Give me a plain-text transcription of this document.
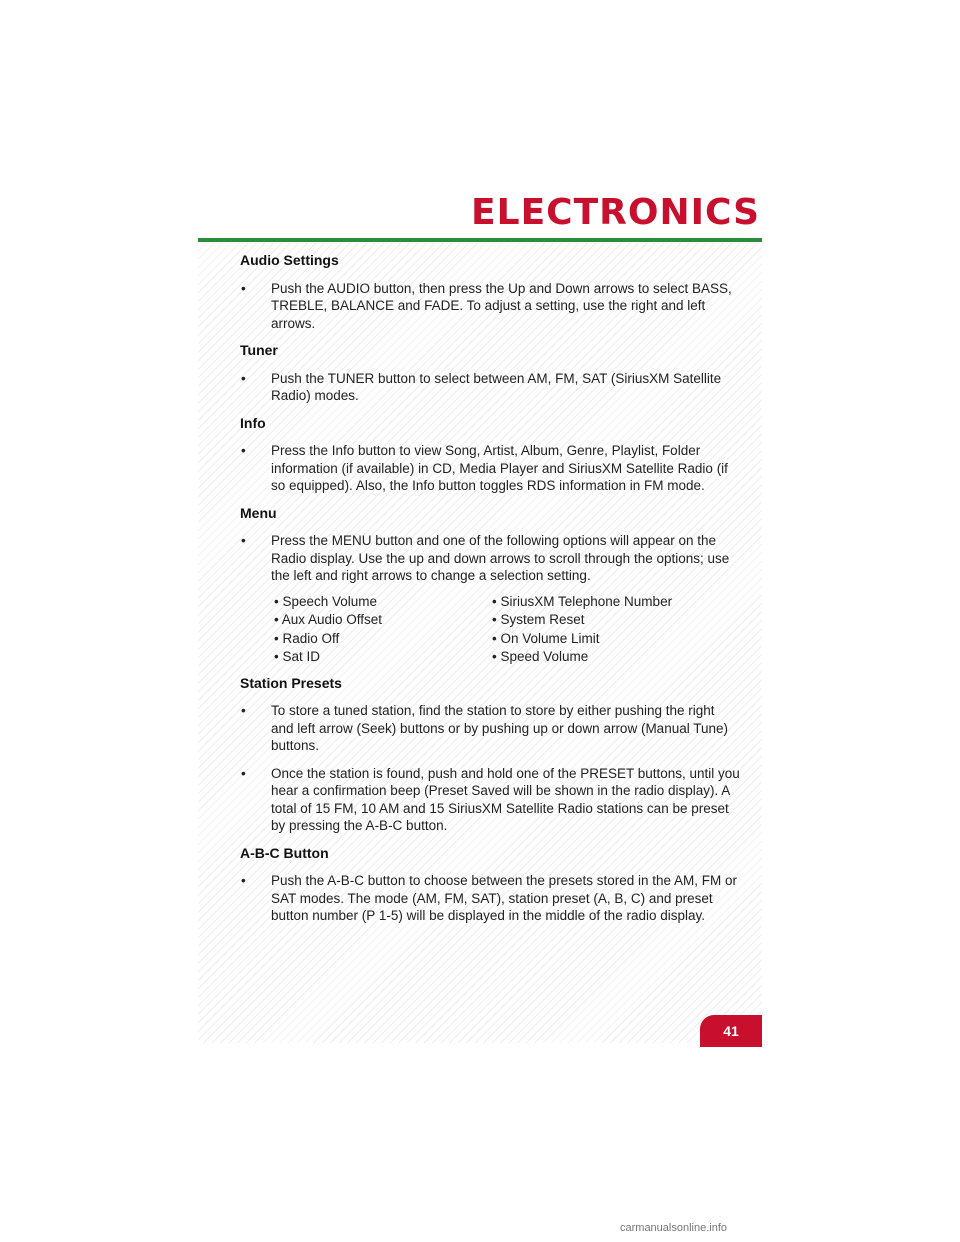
ELECTRONICS
Audio Settings
• Push the AUDIO button, then press the Up and Down arrows to select BASS, TREBLE, BALANCE and FADE. To adjust a setting, use the right and left arrows.
Tuner
• Push the TUNER button to select between AM, FM, SAT (SiriusXM Satellite Radio) modes.
Info
• Press the Info button to view Song, Artist, Album, Genre, Playlist, Folder information (if available) in CD, Media Player and SiriusXM Satellite Radio (if so equipped). Also, the Info button toggles RDS information in FM mode.
Menu
• Press the MENU button and one of the following options will appear on the Radio display. Use the up and down arrows to scroll through the options; use the left and right arrows to change a selection setting.
• Speech Volume	• SiriusXM Telephone Number
• Aux Audio Offset	• System Reset
• Radio Off	• On Volume Limit
• Sat ID	• Speed Volume
Station Presets
• To store a tuned station, find the station to store by either pushing the right and left arrow (Seek) buttons or by pushing up or down arrow (Manual Tune) buttons.
• Once the station is found, push and hold one of the PRESET buttons, until you hear a confirmation beep (Preset Saved will be shown in the radio display). A total of 15 FM, 10 AM and 15 SiriusXM Satellite Radio stations can be preset by pressing the A-B-C button.
A-B-C Button
• Push the A-B-C button to choose between the presets stored in the AM, FM or SAT modes. The mode (AM, FM, SAT), station preset (A, B, C) and preset button number (P 1-5) will be displayed in the middle of the radio display.
41
carmanualsonline.info
